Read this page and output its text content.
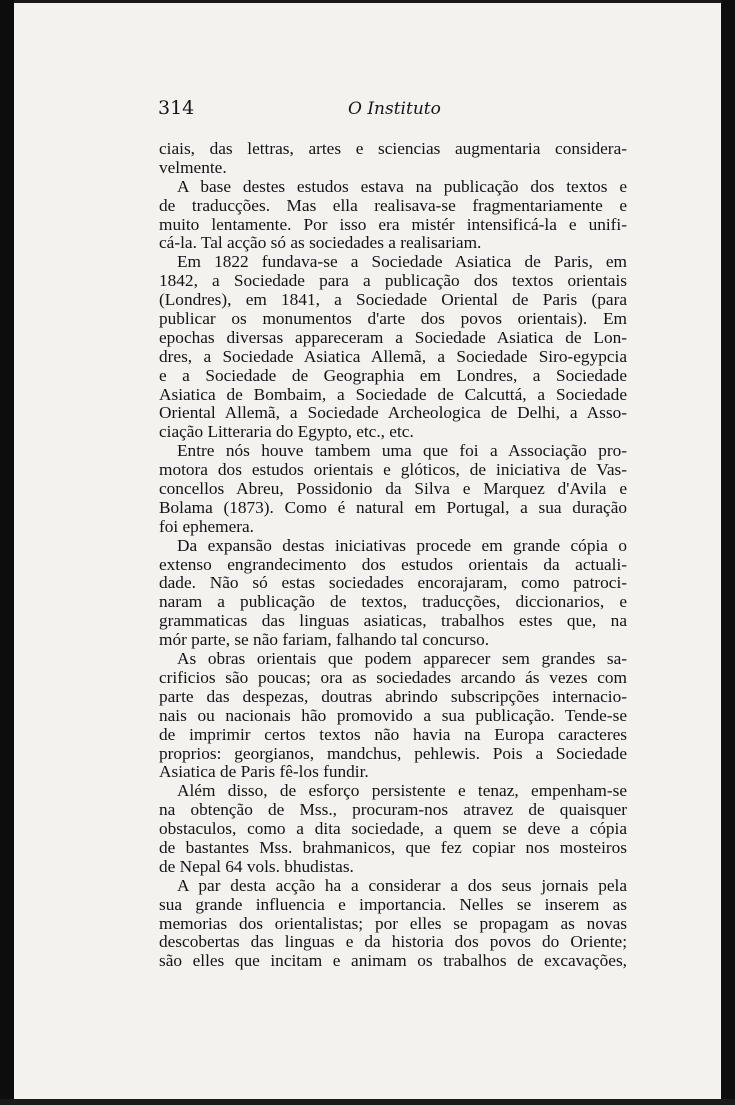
314	O Instituto
ciais, das lettras, artes e sciencias augmentaria considera-
velmente.
A base destes estudos estava na publicação dos textos e
de traducções. Mas ella realisava-se fragmentariamente e
muito lentamente. Por isso era mistér intensificá-la e unifi-
cá-la. Tal acção só as sociedades a realisariam.
Em 1822 fundava-se a Sociedade Asiatica de Paris, em
1842, a Sociedade para a publicação dos textos orientais
(Londres), em 1841, a Sociedade Oriental de Paris (para
publicar os monumentos d'arte dos povos orientais). Em
epochas diversas appareceram a Sociedade Asiatica de Lon-
dres, a Sociedade Asiatica Allemã, a Sociedade Siro-egypcia
e a Sociedade de Geographia em Londres, a Sociedade
Asiatica de Bombaim, a Sociedade de Calcuttá, a Sociedade
Oriental Allemã, a Sociedade Archeologica de Delhi, a Asso-
ciação Litteraria do Egypto, etc., etc.
Entre nós houve tambem uma que foi a Associação pro-
motora dos estudos orientais e glóticos, de iniciativa de Vas-
concellos Abreu, Possidonio da Silva e Marquez d'Avila e
Bolama (1873). Como é natural em Portugal, a sua duração
foi ephemera.
Da expansão destas iniciativas procede em grande cópia o
extenso engrandecimento dos estudos orientais da actuali-
dade. Não só estas sociedades encorajaram, como patroci-
naram a publicação de textos, traducções, diccionarios, e
grammaticas das linguas asiaticas, trabalhos estes que, na
mór parte, se não fariam, falhando tal concurso.
As obras orientais que podem apparecer sem grandes sa-
crificios são poucas; ora as sociedades arcando ás vezes com
parte das despezas, doutras abrindo subscripções internacio-
nais ou nacionais hão promovido a sua publicação. Tende-se
de imprimir certos textos não havia na Europa caracteres
proprios: georgianos, mandchus, pehlewis. Pois a Sociedade
Asiatica de Paris fê-los fundir.
Além disso, de esforço persistente e tenaz, empenham-se
na obtenção de Mss., procuram-nos atravez de quaisquer
obstaculos, como a dita sociedade, a quem se deve a cópia
de bastantes Mss. brahmanicos, que fez copiar nos mosteiros
de Nepal 64 vols. bhudistas.
A par desta acção ha a considerar a dos seus jornais pela
sua grande influencia e importancia. Nelles se inserem as
memorias dos orientalistas; por elles se propagam as novas
descobertas das linguas e da historia dos povos do Oriente;
são elles que incitam e animam os trabalhos de excavações,
